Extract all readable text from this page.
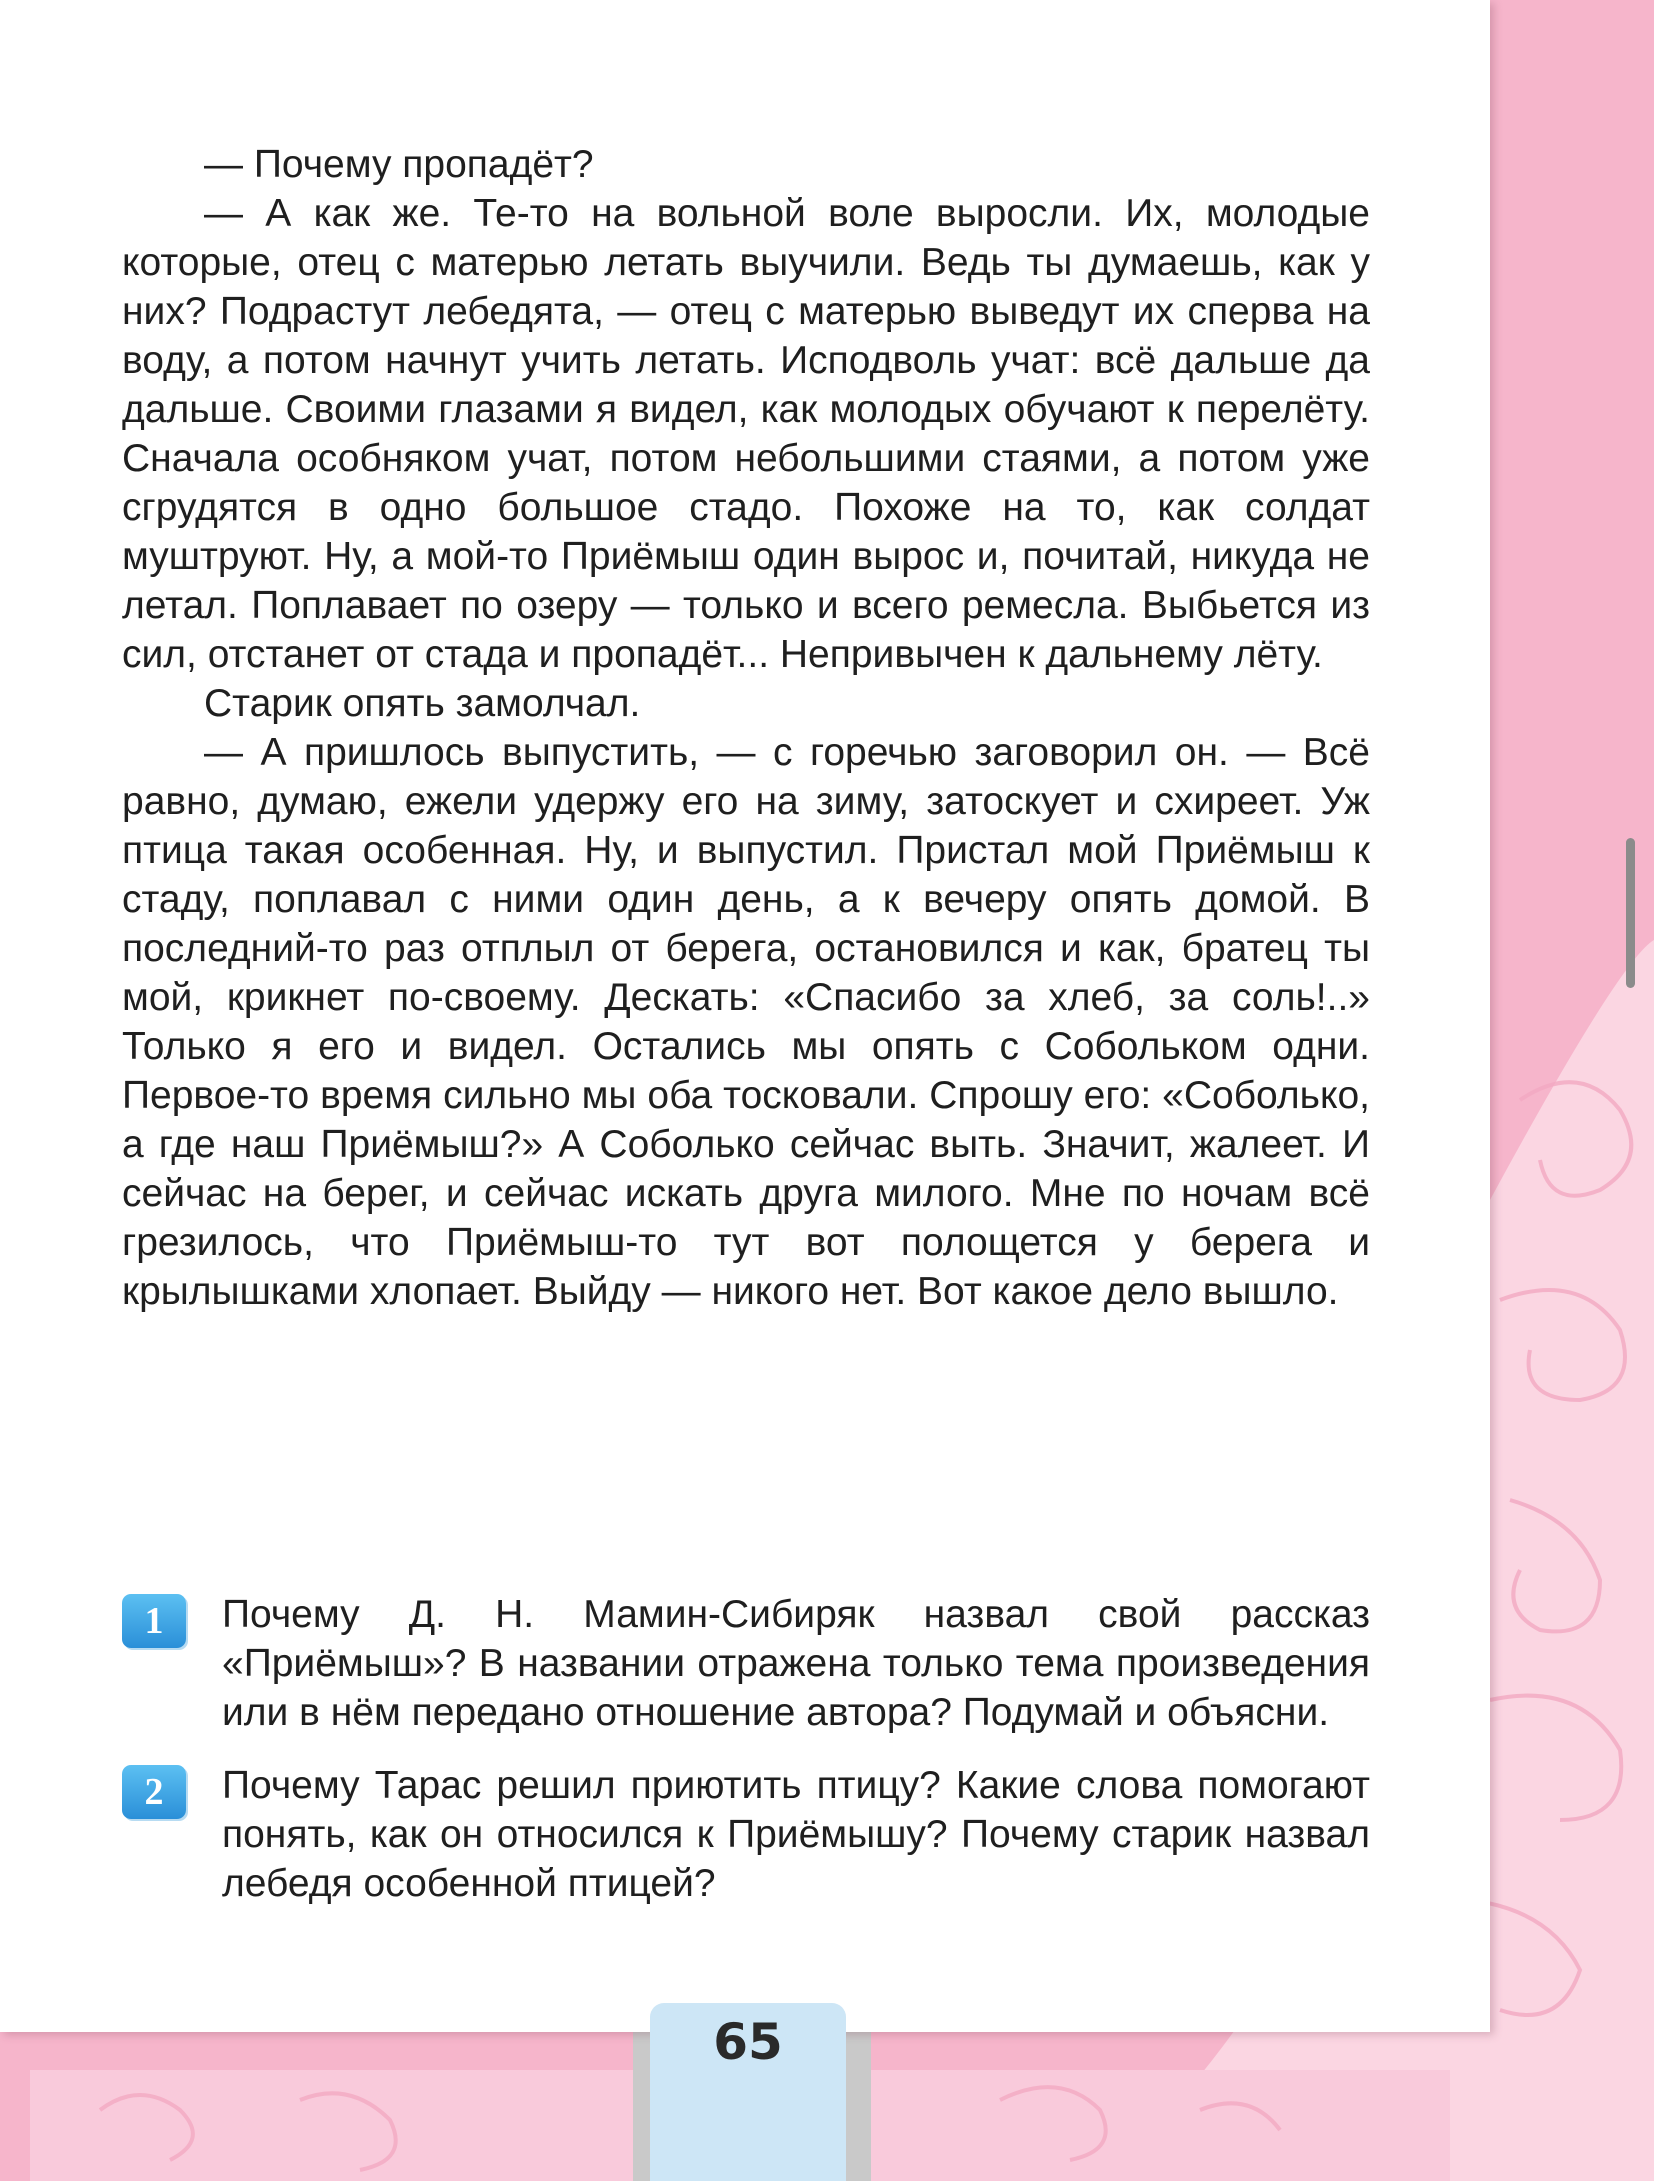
— Почему пропадёт?

— А как же. Те-то на вольной воле выросли. Их, молодые которые, отец с матерью летать выучили. Ведь ты думаешь, как у них? Подрастут лебедята, — отец с матерью выведут их сперва на воду, а потом начнут учить летать. Исподволь учат: всё дальше да дальше. Своими глазами я видел, как молодых обучают к перелёту. Сначала особняком учат, потом небольшими стаями, а потом уже сгрудятся в одно большое стадо. Похоже на то, как солдат муштруют. Ну, а мой-то Приёмыш один вырос и, почитай, никуда не летал. Поплавает по озеру — только и всего ремесла. Выбьется из сил, отстанет от стада и пропадёт... Непривычен к дальнему лёту.

Старик опять замолчал.

— А пришлось выпустить, — с горечью заговорил он. — Всё равно, думаю, ежели удержу его на зиму, затоскует и схиреет. Уж птица такая особенная. Ну, и выпустил. Пристал мой Приёмыш к стаду, поплавал с ними один день, а к вечеру опять домой. В последний-то раз отплыл от берега, остановился и как, братец ты мой, крикнет по-своему. Дескать: «Спасибо за хлеб, за соль!..» Только я его и видел. Остались мы опять с Собольком одни. Первое-то время сильно мы оба тосковали. Спрошу его: «Соболько, а где наш Приёмыш?» А Соболько сейчас выть. Значит, жалеет. И сейчас на берег, и сейчас искать друга милого. Мне по ночам всё грезилось, что Приёмыш-то тут вот полощется у берега и крылышками хлопает. Выйду — никого нет. Вот какое дело вышло.

1	Почему Д. Н. Мамин-Сибиряк назвал свой рассказ «Приёмыш»? В названии отражена только тема произведения или в нём передано отношение автора? Подумай и объясни.
2	Почему Тарас решил приютить птицу? Какие слова помогают понять, как он относился к Приёмышу? Почему старик назвал лебедя особенной птицей?
65
